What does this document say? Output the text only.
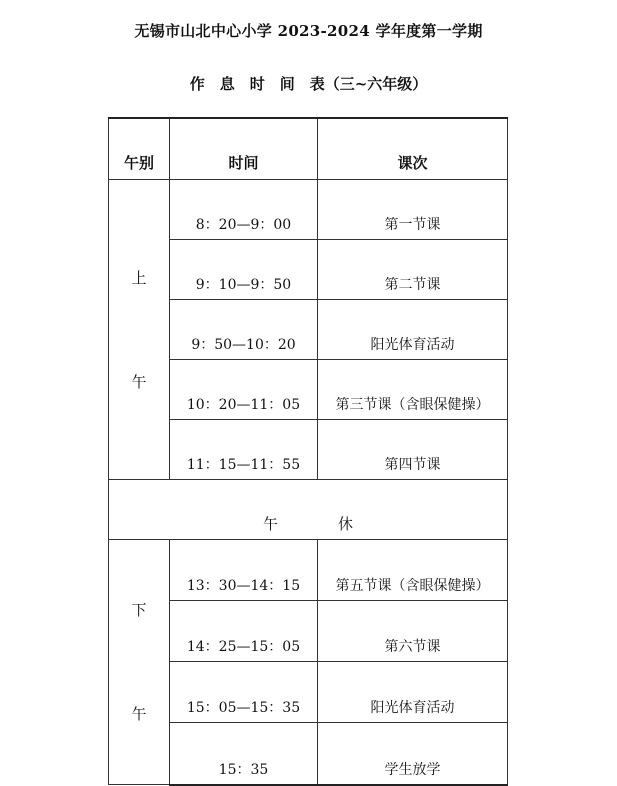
无锡市山北中心小学 2023-2024 学年度第一学期
作　息　时　间　表（三~六年级）
午别	时间	课次

上

午	8：20—9：00	第一节课
	9：10—9：50	第二节课
	9：50—10：20	阳光体育活动
	10：20—11：05	第三节课（含眼保健操）
	11：15—11：55	第四节课
午　　　　休		

下

午	13：30—14：15	第五节课（含眼保健操）
	14：25—15：05	第六节课
	15：05—15：35	阳光体育活动
	15：35	学生放学
